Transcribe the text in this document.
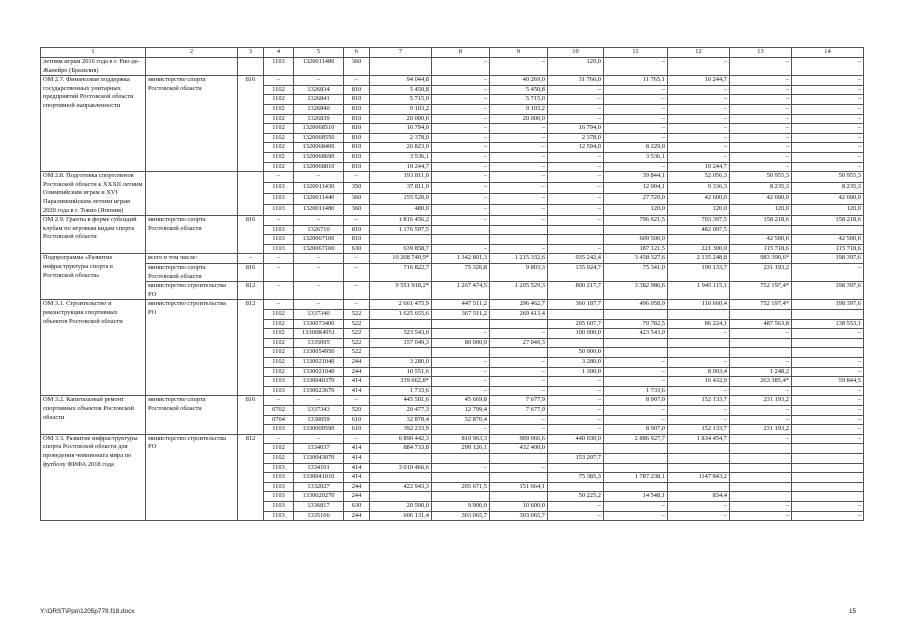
1	2	3	4	5	6	7	8	9	10	11	12	13	14
летним играм 2016 года в г. Рио-де-Жанейро (Бразилия)			1103	1320011480	360		–	–	120,0	–	–	–	–
ОМ 2.7. Финансовая поддержка государственных унитарных предприятий Ростовской области спортивной направленности	министерство спорта Ростовской области	816	–	–	–	94 044,8	–	40 269,0	31 766,0	11 765,1	10 244,7	–	–
			1102	1326834	810	5 450,8	–	5 450,8	–	–	–	–	–
			1102	1326841	810	5 715,0	–	5 715,0	–	–	–	–	–
			1102	1326840	810	9 103,2	–	9 103,2	–	–	–	–	–
			1102	1326839	810	20 000,0	–	20 000,0	–	–	–	–	–
			1102	1320068510	810	16 794,0	–	–	16 794,0	–	–	–	–
			1102	1320068550	810	2 378,0	–	–	2 378,0	–	–	–	–
			1102	1320068400	810	20 823,0	–	–	12 594,0	8 229,0	–	–	–
			1102	1320068690	810	3 536,1	–	–	–	3 536,1	–	–	–
			1102	1320068810	810	10 244,7	–	–	–	–	10 244,7	–	–
ОМ 2.8. Подготовка спортсменов Ростовской области к XXXII летним Олимпийским играм и XVI Паралимпийским летним играм 2020 года в г. Токио (Япония)			–	–	–	193 811,0	–	–	–	39 844,1	52 056,3	50 955,3	50 955,3
			1103	1320011430	350	37 811,0	–	–	–	12 004,1	9 336,3	8 235,3	8 235,3
			1103	1320011440	360	155 520,0	–	–	–	27 720,0	42 600,0	42 600,0	42 600,0
			1103	1320011480	360	480,0	–	–	–	120,0	120,0	120,0	120,0
ОМ 2.9. Гранты в форме субсидий клубам по игровым видам спорта Ростовской области	министерство спорта Ростовской области	816	–	–	–	1 816 456,2	–	–	–	796 621,5	703 397,5	158 218,6	158 218,6
			1103	1326710	810	1 176 597,5					482 097,5		
			1103	1320067100	810					609 500,0		42 500,0	42 500,0
			1103	1320067100	630	639 858,7	–	–	–	187 121,5	221 300,0	115 718,6	115 718,6
Подпрограмма «Развитие инфраструктуры спорта в Ростовской области»	всего в том числе:	–	–	–	–	10 268 740,9*	1 342 801,3	1 215 332,6	935 242,4	3 458 327,6	2 135 248,8	983 390,6*	198 397,6
	министерство спорта Ростовской области	816	–	–	–	716 822,7	75 326,8	9 803,3	135 024,7	75 341,0	190 133,7	231 193,2	–
	министерство строительства РО	812	–	–	–	9 551 918,2*	1 267 474,5	1 205 529,3	800 217,7	3 382 986,6	1 945 115,1	752 197,4*	198 397,6
ОМ 3.1. Строительство и реконструкция спортивных объектов Ростовской области	министерство строительства РО	812	–	–	–	2 661 475,9	447 511,2	296 462,7	360 187,7	496 058,9	110 660,4	752 197,4*	198 397,6
			1102	1337340	522	1 625 655,6	367 511,2	269 413,4					
			1102	1330073400	522				205 607,7	70 782,5	86 224,1	487 563,8	138 553,1
			1102	13300R4951	522	523 543,0	–	–	100 000,0	423 543,0	–	–	–
			1102	1335095	522	157 049,3	80 000,0	27 049,3					
			1102	1330054950	522				50 000,0				
			1102	1330021040	244	3 280,0	–	–	3 280,0	–	–	–	–
			1102	1330021040	244	10 551,6	–	–	1 300,0	–	8 003,4	1 248,2	–
			1103	1330040370	414	339 662,8*	–	–	–	–	16 432,9	263 385,4*	59 844,5
			1103	1330023670	414	1 733,6	–	–	–	1 733,6	–	–	–
ОМ 3.2. Капитальный ремонт спортивных объектов Ростовской области	министерство спорта Ростовской области	816	–	–	–	445 581,6	45 669,8	7 677,9	–	8 907,0	152 133,7	231 193,2	–
			0702	1337343	520	20 477,3	12 799,4	7 677,9	–	–	–	–	–
			0704	1330059	610	32 870,4	32 870,4	–	–	–	–	–	–
			1103	1330000590	610	392 233,9	–	–	–	8 907,0	152 133,7	231 193,2	–
ОМ 3.3. Развитие инфраструктуры спорта Ростовской области для проведения чемпионата мира по футболу ФИФА 2018 года	министерство строительства РО	812	–	–	–	6 890 442,3	819 963,3	909 066,6	440 030,0	2 886 927,7	1 834 454,7	–	–
			1102	1334037	414	884 733,8	299 126,1	432 400,0					
			1102	1330043070	414				153 207,7				
			1103	1334101	414	3 010 466,6	–	–					
			1103	1330041010	414				75 385,3	1 787 238,1	1147 843,2		
			1103	1332027	244	422 943,3	205 671,5	151 664,1					
			1103	1330020270	244				50 225,2	14 548,1	834,4		
			1103	1336817	630	20 500,0	9 900,0	10 600,0	–	–	–	–	–
			1103	1335166	244	606 131,4	303 065,7	303 065,7	–	–	–	–	–
Y:\ORST\Ppo\1205p779.f18.docx	15
